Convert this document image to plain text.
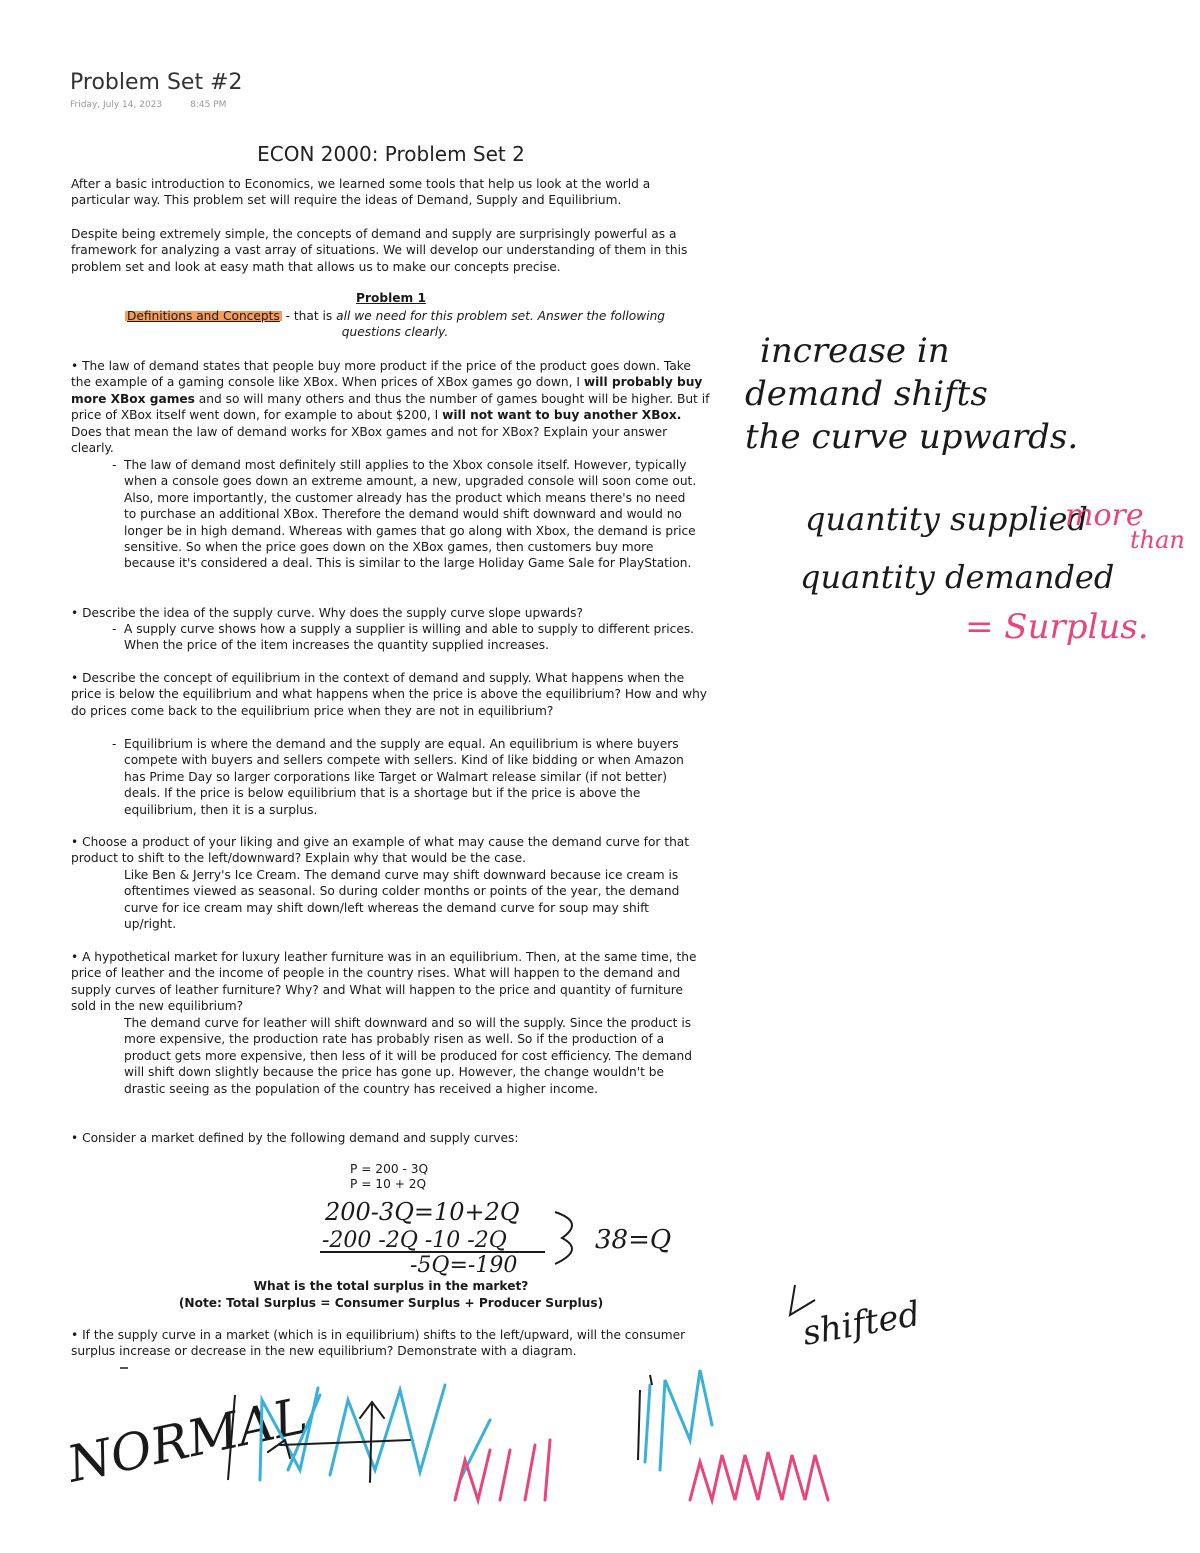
Problem Set #2
Friday, July 14, 2023	8:45 PM
ECON 2000: Problem Set 2
After a basic introduction to Economics, we learned some tools that help us look at the world a particular way. This problem set will require the ideas of Demand, Supply and Equilibrium.
Despite being extremely simple, the concepts of demand and supply are surprisingly powerful as a framework for analyzing a vast array of situations. We will develop our understanding of them in this problem set and look at easy math that allows us to make our concepts precise.
Problem 1
Definitions and Concepts - that is all we need for this problem set. Answer the following questions clearly.
• The law of demand states that people buy more product if the price of the product goes down. Take the example of a gaming console like XBox. When prices of XBox games go down, I will probably buy more XBox games and so will many others and thus the number of games bought will be higher. But if price of XBox itself went down, for example to about $200, I will not want to buy another XBox. Does that mean the law of demand works for XBox games and not for XBox? Explain your answer clearly.
- The law of demand most definitely still applies to the Xbox console itself. However, typically when a console goes down an extreme amount, a new, upgraded console will soon come out. Also, more importantly, the customer already has the product which means there's no need to purchase an additional XBox. Therefore the demand would shift downward and would no longer be in high demand. Whereas with games that go along with Xbox, the demand is price sensitive. So when the price goes down on the XBox games, then customers buy more because it's considered a deal. This is similar to the large Holiday Game Sale for PlayStation.
• Describe the idea of the supply curve. Why does the supply curve slope upwards?
- A supply curve shows how a supply a supplier is willing and able to supply to different prices. When the price of the item increases the quantity supplied increases.
• Describe the concept of equilibrium in the context of demand and supply. What happens when the price is below the equilibrium and what happens when the price is above the equilibrium? How and why do prices come back to the equilibrium price when they are not in equilibrium?
- Equilibrium is where the demand and the supply are equal. An equilibrium is where buyers compete with buyers and sellers compete with sellers. Kind of like bidding or when Amazon has Prime Day so larger corporations like Target or Walmart release similar (if not better) deals. If the price is below equilibrium that is a shortage but if the price is above the equilibrium, then it is a surplus.
• Choose a product of your liking and give an example of what may cause the demand curve for that product to shift to the left/downward? Explain why that would be the case.
Like Ben & Jerry's Ice Cream. The demand curve may shift downward because ice cream is oftentimes viewed as seasonal. So during colder months or points of the year, the demand curve for ice cream may shift down/left whereas the demand curve for soup may shift up/right.
• A hypothetical market for luxury leather furniture was in an equilibrium. Then, at the same time, the price of leather and the income of people in the country rises. What will happen to the demand and supply curves of leather furniture? Why? and What will happen to the price and quantity of furniture sold in the new equilibrium?
The demand curve for leather will shift downward and so will the supply. Since the product is more expensive, the production rate has probably risen as well. So if the production of a product gets more expensive, then less of it will be produced for cost efficiency. The demand will shift down slightly because the price has gone up. However, the change wouldn't be drastic seeing as the population of the country has received a higher income.
• Consider a market defined by the following demand and supply curves:
P = 200 - 3Q
P = 10 + 2Q
What is the total surplus in the market?
(Note: Total Surplus = Consumer Surplus + Producer Surplus)
• If the supply curve in a market (which is in equilibrium) shifts to the left/upward, will the consumer surplus increase or decrease in the new equilibrium? Demonstrate with a diagram.
increase in
demand shifts
the curve upwards.
quantity supplied
more
than
quantity demanded
= Surplus.
200-3Q=10+2Q
-200 -2Q -10 -2Q
-5Q=-190
38=Q
shifted
NORMAL
